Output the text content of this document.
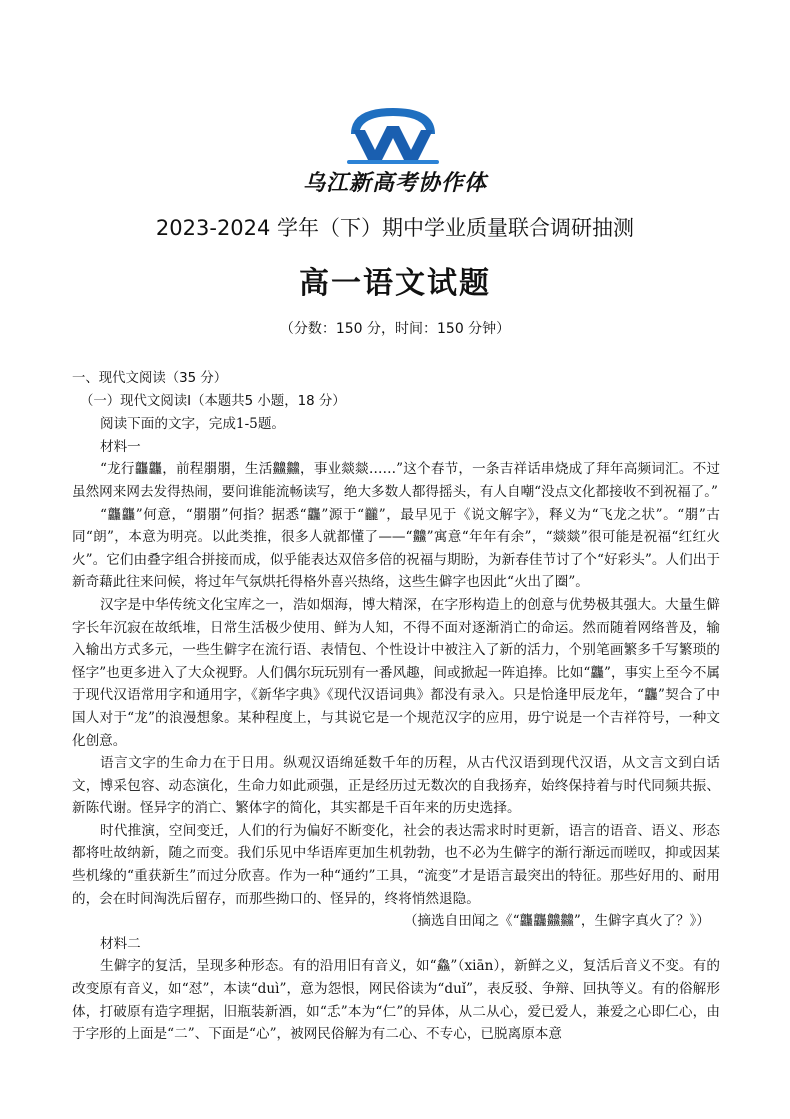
乌江新高考协作体
2023-2024 学年（下）期中学业质量联合调研抽测
高一语文试题
（分数：150 分，时间：150 分钟）

一、现代文阅读（35 分）

（一）现代文阅读Ⅰ（本题共5 小题，18 分）

阅读下面的文字，完成1-5题。

材料一

“龙行龘龘，前程朤朤，生活䲜䲜，事业燚燚……”这个春节，一条吉祥话串烧成了拜年高频词汇。不过虽然网来网去发得热闹，要问谁能流畅读写，绝大多数人都得摇头，有人自嘲“没点文化都接收不到祝福了。”

“龘龘”何意，“朤朤”何指？据悉“龘”源于“龖”，最早见于《说文解字》，释义为“飞龙之状”。“朤”古同“朗”，本意为明亮。以此类推，很多人就都懂了——“䲜”寓意“年年有余”，“燚燚”很可能是祝福“红红火火”。它们由叠字组合拼接而成，似乎能表达双倍多倍的祝福与期盼，为新春佳节讨了个“好彩头”。人们出于新奇藉此往来问候，将过年气氛烘托得格外喜兴热络，这些生僻字也因此“火出了圈”。

汉字是中华传统文化宝库之一，浩如烟海，博大精深，在字形构造上的创意与优势极其强大。大量生僻字长年沉寂在故纸堆，日常生活极少使用、鲜为人知，不得不面对逐渐消亡的命运。然而随着网络普及，输入输出方式多元，一些生僻字在流行语、表情包、个性设计中被注入了新的活力，个别笔画繁多千写繁琐的怪字”也更多进入了大众视野。人们偶尔玩玩别有一番风趣，间或掀起一阵追捧。比如“龘”，事实上至今不属于现代汉语常用字和通用字，《新华字典》《现代汉语词典》都没有录入。只是恰逢甲辰龙年，“龘”契合了中国人对于“龙”的浪漫想象。某种程度上，与其说它是一个规范汉字的应用，毋宁说是一个吉祥符号，一种文化创意。

语言文字的生命力在于日用。纵观汉语绵延数千年的历程，从古代汉语到现代汉语，从文言文到白话文，博采包容、动态演化，生命力如此顽强，正是经历过无数次的自我扬弃，始终保持着与时代同频共振、新陈代谢。怪异字的消亡、繁体字的简化，其实都是千百年来的历史选择。

时代推演，空间变迁，人们的行为偏好不断变化，社会的表达需求时时更新，语言的语音、语义、形态都将吐故纳新，随之而变。我们乐见中华语库更加生机勃勃，也不必为生僻字的渐行渐远而嗟叹，抑或因某些机缘的“重获新生”而过分欣喜。作为一种“通约”工具，“流变”才是语言最突出的特征。那些好用的、耐用的，会在时间淘洗后留存，而那些拗口的、怪异的，终将悄然退隐。

（摘选自田闻之《“龘龘䲜䲜”，生僻字真火了？》）

材料二

生僻字的复活，呈现多种形态。有的沿用旧有音义，如“鱻”（xiān），新鲜之义，复活后音义不变。有的改变原有音义，如“怼”，本读“duì”，意为怨恨，网民俗读为“duǐ”，表反驳、争辩、回执等义。有的俗解形体，打破原有造字理据，旧瓶装新酒，如“忎”本为“仁”的异体，从二从心，爱已爱人，兼爱之心即仁心，由于字形的上面是“二”、下面是“心”，被网民俗解为有二心、不专心，已脱离原本意
